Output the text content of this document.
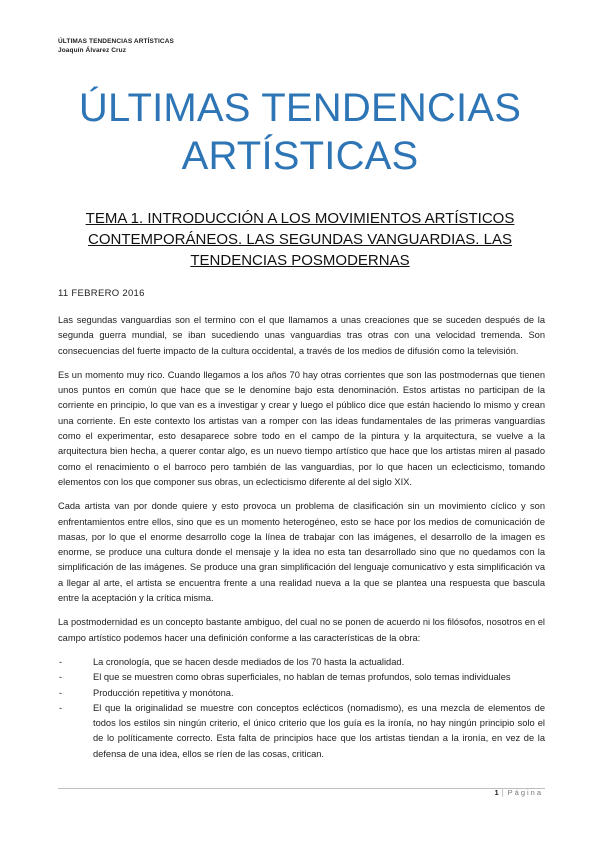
ÚLTIMAS TENDENCIAS ARTÍSTICAS
Joaquín Álvarez Cruz
ÚLTIMAS TENDENCIAS
ARTÍSTICAS
TEMA 1. INTRODUCCIÓN A LOS MOVIMIENTOS ARTÍSTICOS
CONTEMPORÁNEOS. LAS SEGUNDAS VANGUARDIAS. LAS
TENDENCIAS POSMODERNAS
11 FEBRERO 2016

Las segundas vanguardias son el termino con el que llamamos a unas creaciones que se suceden después de la segunda guerra mundial, se iban sucediendo unas vanguardias tras otras con una velocidad tremenda. Son consecuencias del fuerte impacto de la cultura occidental, a través de los medios de difusión como la televisión.

Es un momento muy rico. Cuando llegamos a los años 70 hay otras corrientes que son las postmodernas que tienen unos puntos en común que hace que se le denomine bajo esta denominación. Estos artistas no participan de la corriente en principio, lo que van es a investigar y crear y luego el público dice que están haciendo lo mismo y crean una corriente. En este contexto los artistas van a romper con las ideas fundamentales de las primeras vanguardias como el experimentar, esto desaparece sobre todo en el campo de la pintura y la arquitectura, se vuelve a la arquitectura bien hecha, a querer contar algo, es un nuevo tiempo artístico que hace que los artistas miren al pasado como el renacimiento o el barroco pero también de las vanguardias, por lo que hacen un eclecticismo, tomando elementos con los que componer sus obras, un eclecticismo diferente al del siglo XIX.

Cada artista van por donde quiere y esto provoca un problema de clasificación sin un movimiento cíclico y son enfrentamientos entre ellos, sino que es un momento heterogéneo, esto se hace por los medios de comunicación de masas, por lo que el enorme desarrollo coge la línea de trabajar con las imágenes, el desarrollo de la imagen es enorme, se produce una cultura donde el mensaje y la idea no esta tan desarrollado sino que no quedamos con la simplificación de las imágenes. Se produce una gran simplificación del lenguaje comunicativo y esta simplificación va a llegar al arte, el artista se encuentra frente a una realidad nueva a la que se plantea una respuesta que bascula entre la aceptación y la crítica misma.

La postmodernidad es un concepto bastante ambiguo, del cual no se ponen de acuerdo ni los filósofos, nosotros en el campo artístico podemos hacer una definición conforme a las características de la obra:

-	La cronología, que se hacen desde mediados de los 70 hasta la actualidad.
-	El que se muestren como obras superficiales, no hablan de temas profundos, solo temas individuales
-	Producción repetitiva y monótona.
-	El que la originalidad se muestre con conceptos eclécticos (nomadismo), es una mezcla de elementos de todos los estilos sin ningún criterio, el único criterio que los guía es la ironía, no hay ningún principio solo el de lo políticamente correcto. Esta falta de principios hace que los artistas tiendan a la ironía, en vez de la defensa de una idea, ellos se ríen de las cosas, critican.
1 | Página
